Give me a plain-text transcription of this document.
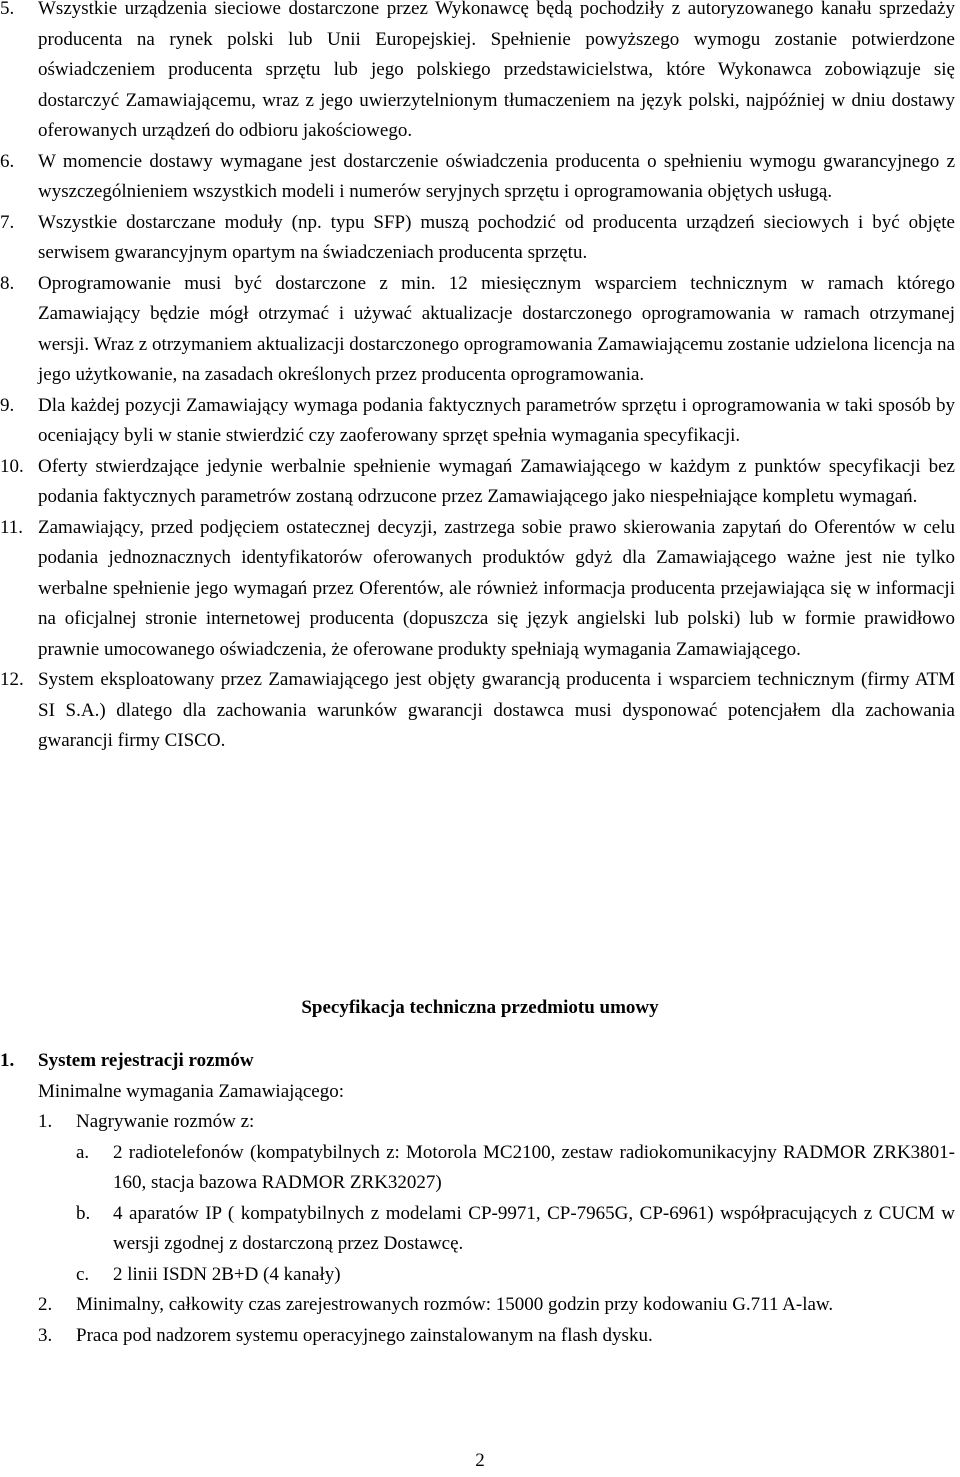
5. Wszystkie urządzenia sieciowe dostarczone przez Wykonawcę będą pochodziły z autoryzowanego kanału sprzedaży producenta na rynek polski lub Unii Europejskiej. Spełnienie powyższego wymogu zostanie potwierdzone oświadczeniem producenta sprzętu lub jego polskiego przedstawicielstwa, które Wykonawca zobowiązuje się dostarczyć Zamawiającemu, wraz z jego uwierzytelnionym tłumaczeniem na język polski, najpóźniej w dniu dostawy oferowanych urządzeń do odbioru jakościowego.
6. W momencie dostawy wymagane jest dostarczenie oświadczenia producenta o spełnieniu wymogu gwarancyjnego z wyszczególnieniem wszystkich modeli i numerów seryjnych sprzętu i oprogramowania objętych usługą.
7. Wszystkie dostarczane moduły (np. typu SFP) muszą pochodzić od producenta urządzeń sieciowych i być objęte serwisem gwarancyjnym opartym na świadczeniach producenta sprzętu.
8. Oprogramowanie musi być dostarczone z min. 12 miesięcznym wsparciem technicznym w ramach którego Zamawiający będzie mógł otrzymać i używać aktualizacje dostarczonego oprogramowania w ramach otrzymanej wersji. Wraz z otrzymaniem aktualizacji dostarczonego oprogramowania Zamawiającemu zostanie udzielona licencja na jego użytkowanie, na zasadach określonych przez producenta oprogramowania.
9. Dla każdej pozycji Zamawiający wymaga podania faktycznych parametrów sprzętu i oprogramowania w taki sposób by oceniający byli w stanie stwierdzić czy zaoferowany sprzęt spełnia wymagania specyfikacji.
10. Oferty stwierdzające jedynie werbalnie spełnienie wymagań Zamawiającego w każdym z punktów specyfikacji bez podania faktycznych parametrów zostaną odrzucone przez Zamawiającego jako niespełniające kompletu wymagań.
11. Zamawiający, przed podjęciem ostatecznej decyzji, zastrzega sobie prawo skierowania zapytań do Oferentów w celu podania jednoznacznych identyfikatorów oferowanych produktów gdyż dla Zamawiającego ważne jest nie tylko werbalne spełnienie jego wymagań przez Oferentów, ale również informacja producenta przejawiająca się w informacji na oficjalnej stronie internetowej producenta (dopuszcza się język angielski lub polski) lub w formie prawidłowo prawnie umocowanego oświadczenia, że oferowane produkty spełniają wymagania Zamawiającego.
12. System eksploatowany przez Zamawiającego jest objęty gwarancją producenta i wsparciem technicznym (firmy ATM SI S.A.) dlatego dla zachowania warunków gwarancji dostawca musi dysponować potencjałem dla zachowania gwarancji firmy CISCO.
Specyfikacja techniczna przedmiotu umowy
1. System rejestracji rozmów
Minimalne wymagania Zamawiającego:
1. Nagrywanie rozmów z:
a. 2 radiotelefonów (kompatybilnych z: Motorola MC2100, zestaw radiokomunikacyjny RADMOR ZRK3801-160, stacja bazowa RADMOR ZRK32027)
b. 4 aparatów IP ( kompatybilnych z modelami CP-9971, CP-7965G, CP-6961) współpracujących z CUCM w wersji zgodnej z dostarczoną przez Dostawcę.
c. 2 linii ISDN 2B+D (4 kanały)
2. Minimalny, całkowity czas zarejestrowanych rozmów: 15000 godzin przy kodowaniu G.711 A-law.
3. Praca pod nadzorem systemu operacyjnego zainstalowanym na flash dysku.
2
